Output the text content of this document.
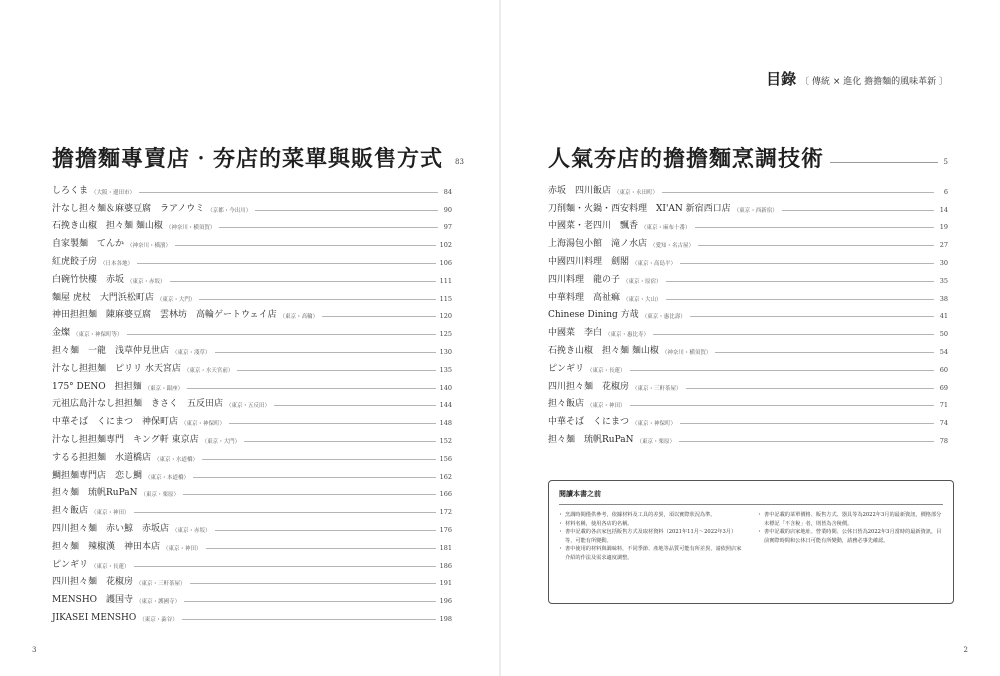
目錄 〔 傳統 × 進化 擔擔麵的風味革新 〕
擔擔麵專賣店‧夯店的菜單與販售方式 83
しろくま （大阪・邊田市）	84
汁なし担々麺＆麻婆豆腐　ラアノウミ （京都・今出川）	90
石挽き山椒　担々麺 麺山椒 （神奈川・横須賀）	97
自家製麺　てんか （神奈川・橫濱）	102
紅虎餃子房 （日本各地）	106
白碗竹快樓　赤坂 （東京・赤坂）	111
麵屋 虎杖　大門浜松町店 （東京・大門）	115
神田担担麺　陳麻婆豆腐　雲林坊　高輪ゲートウェイ店 （東京・高輪）	120
金燦 （東京・神保町等）	125
担々麺　一龍　浅草仲見世店 （東京・淺草）	130
汁なし担担麺　ピリリ 水天宮店 （東京・水天宮前）	135
175° DENO　担担麺 （東京・銀座）	140
元祖広島汁なし担担麺　きさく　五反田店 （東京・五反田）	144
中華そば　くにまつ　神保町店 （東京・神保町）	148
汁なし担担麺専門　キング軒 東京店 （東京・大門）	152
するる担担麺　水道橋店 （東京・水道橋）	156
鯛担麺専門店　恋し鯛 （東京・本道橋）	162
担々麺　琉帆RuPaN （東京・栗原）	166
担々飯店 （東京・神田）	172
四川担々麺　赤い鯨　赤坂店 （東京・赤坂）	176
担々麺　辣椒漢　神田本店 （東京・神田）	181
ピンギリ （東京・長蓮）	186
四川担々麺　花椒房 （東京・三軒茶屋）	191
MENSHO　護国寺 （東京・護國寺）	196
JIKASEI MENSHO （東京・澁谷）	198
人氣夯店的擔擔麵烹調技術	5
赤坂　四川飯店 （東京・永田町）	6
刀削麵・火鍋・西安料理　XI'AN 新宿西口店 （東京・西新宿）	14
中國菜・老四川　飄香 （東京・麻布十番）	19
上海湯包小館　滝ノ水店 （愛知・名古屋）	27
中國四川料理　劍閣 （東京・高島平）	30
四川料理　龍の子 （東京・原宿）	35
中華料理　高祉痲 （東京・大山）	38
Chinese Dining 方哉 （東京・惠比壽）	41
中國菜　李白 （東京・惠比寿）	50
石挽き山椒　担々麺 麺山椒 （神奈川・横須賀）	54
ピンギリ （東京・長蓮）	60
四川担々麺　花椒房 （東京・三軒茶屋）	69
担々飯店 （東京・神田）	71
中華そば　くにまつ （東京・神保町）	74
担々麺　琉帆RuPaN （東京・栗原）	78
閱讀本書之前
・ 烹調時間僅供參考，依據材料及工具的差異，須以實際狀況為準。
・ 材料名稱，使用各店的名稱。
・ 書中記載的各店家包括販售方式及取材資料（2021年11月～2022年3月）等，可能有所變動。
・ 書中使用的材料與調味料，不同季節、產地等品質可能有所差異，請依照店家介紹的作法及需求適度調整。
・ 書中記載的菜單價格、販售方式、器具等為2022年3月的最新資訊，價格部分未標記「不含稅」者，則皆為含稅價。
・ 書中記載的店家地址、營業時間、公休日皆為2022年3月當時的最新資訊，目前實際時間和公休日可能有所變動，請務必事先確認。
3	2
